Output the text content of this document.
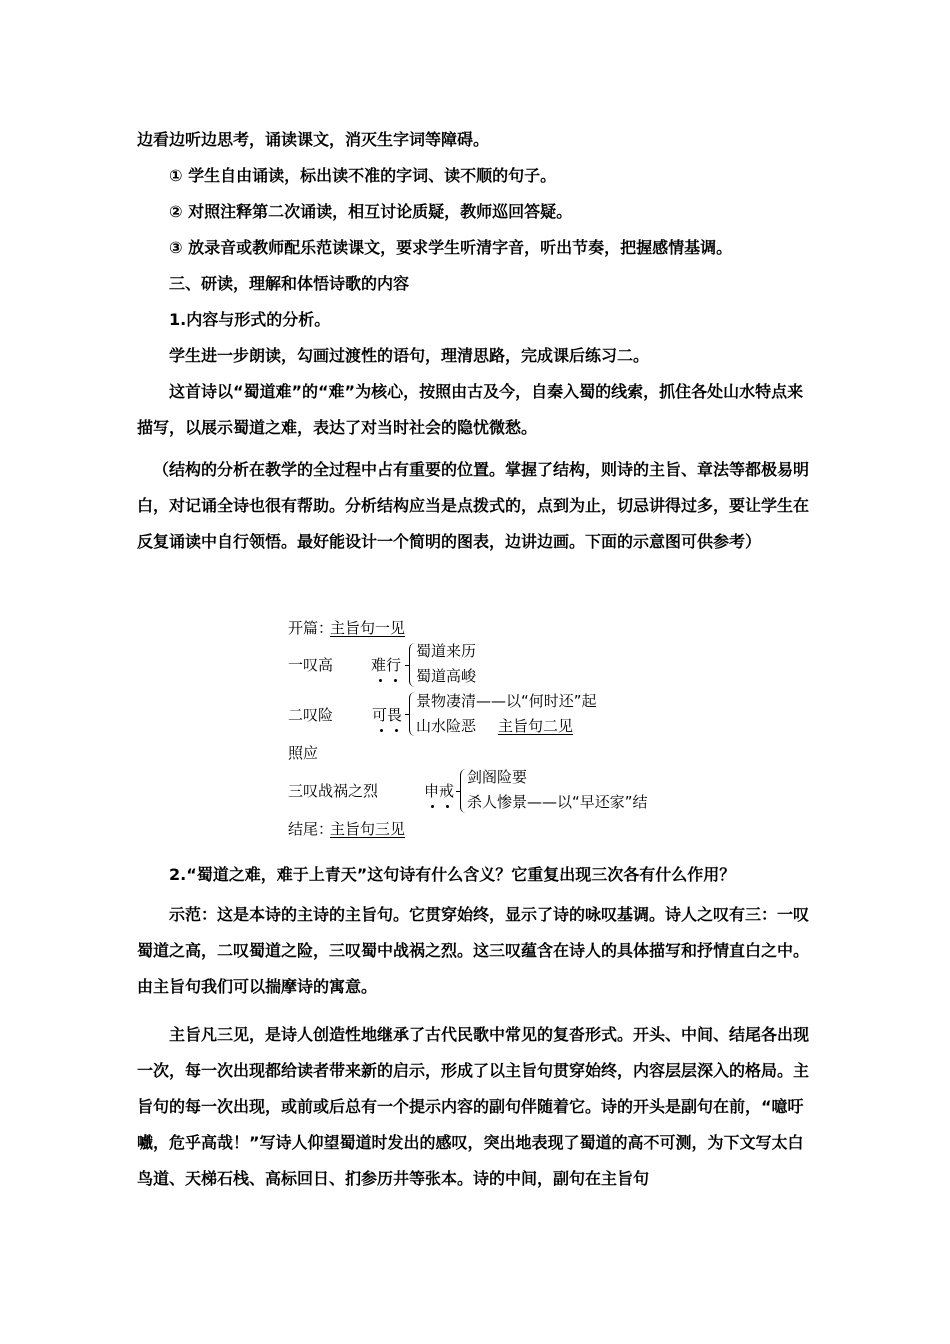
边看边听边思考，诵读课文，消灭生字词等障碍。

① 学生自由诵读，标出读不准的字词、读不顺的句子。

② 对照注释第二次诵读，相互讨论质疑，教师巡回答疑。

③ 放录音或教师配乐范读课文，要求学生听清字音，听出节奏，把握感情基调。

三、研读，理解和体悟诗歌的内容

1.内容与形式的分析。

学生进一步朗读，勾画过渡性的语句，理清思路，完成课后练习二。

这首诗以“蜀道难”的“难”为核心，按照由古及今，自秦入蜀的线索，抓住各处山水特点来描写，以展示蜀道之难，表达了对当时社会的隐忧微愁。

（结构的分析在教学的全过程中占有重要的位置。掌握了结构，则诗的主旨、章法等都极易明白，对记诵全诗也很有帮助。分析结构应当是点拨式的，点到为止，切忌讲得过多，要让学生在反复诵读中自行领悟。最好能设计一个简明的图表，边讲边画。下面的示意图可供参考）

开篇：
主旨句一见
一叹高	难行
蜀道来历
蜀道高峻
二叹险	可畏
景物凄清——以“何时还”起
山水险恶 主旨句二见
照应
三叹战祸之烈	申戒
剑阁险要
杀人惨景——以“早还家”结
结尾：
主旨句三见

2.“蜀道之难，难于上青天”这句诗有什么含义？它重复出现三次各有什么作用？

示范：这是本诗的主诗的主旨句。它贯穿始终，显示了诗的咏叹基调。诗人之叹有三：一叹蜀道之高，二叹蜀道之险，三叹蜀中战祸之烈。这三叹蕴含在诗人的具体描写和抒情直白之中。由主旨句我们可以揣摩诗的寓意。

主旨凡三见，是诗人创造性地继承了古代民歌中常见的复沓形式。开头、中间、结尾各出现一次，每一次出现都给读者带来新的启示，形成了以主旨句贯穿始终，内容层层深入的格局。主旨句的每一次出现，或前或后总有一个提示内容的副句伴随着它。诗的开头是副句在前，“噫吁嚱，危乎高哉！”写诗人仰望蜀道时发出的感叹，突出地表现了蜀道的高不可测，为下文写太白鸟道、天梯石栈、高标回日、扪参历井等张本。诗的中间，副句在主旨句
